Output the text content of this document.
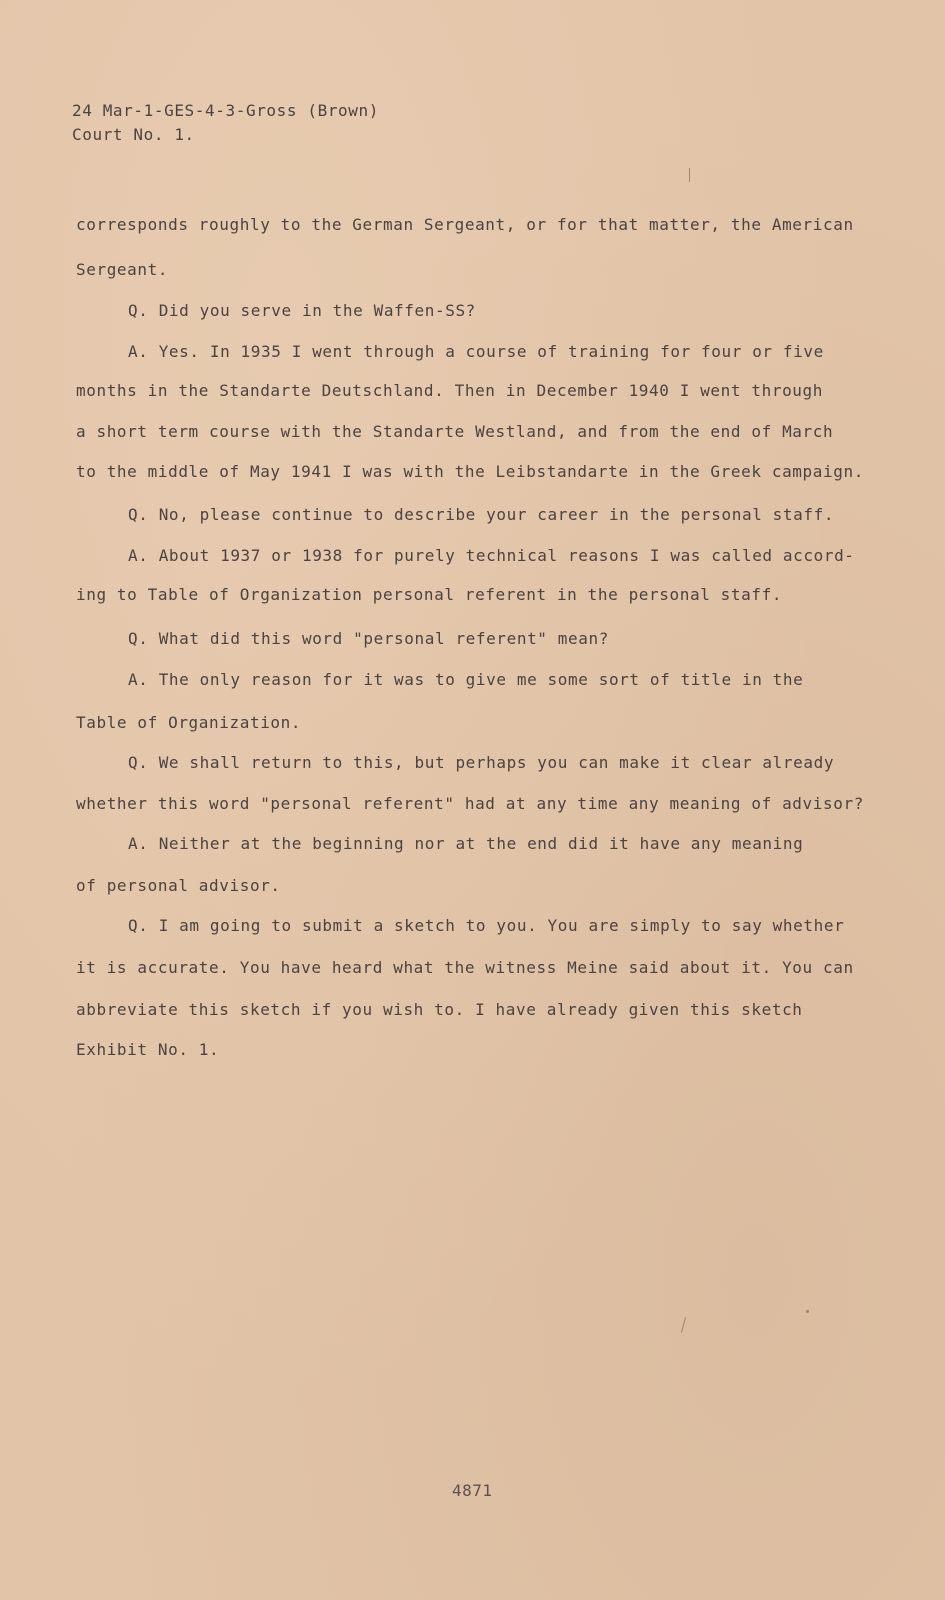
24 Mar-1-GES-4-3-Gross (Brown)
Court No. 1.
corresponds roughly to the German Sergeant, or for that matter, the American
Sergeant.
Q. Did you serve in the Waffen-SS?
A. Yes. In 1935 I went through a course of training for four or five
months in the Standarte Deutschland. Then in December 1940 I went through
a short term course with the Standarte Westland, and from the end of March
to the middle of May 1941 I was with the Leibstandarte in the Greek campaign.
Q. No, please continue to describe your career in the personal staff.
A. About 1937 or 1938 for purely technical reasons I was called accord-
ing to Table of Organization personal referent in the personal staff.
Q. What did this word "personal referent" mean?
A. The only reason for it was to give me some sort of title in the
Table of Organization.
Q. We shall return to this, but perhaps you can make it clear already
whether this word "personal referent" had at any time any meaning of advisor?
A. Neither at the beginning nor at the end did it have any meaning
of personal advisor.
Q. I am going to submit a sketch to you. You are simply to say whether
it is accurate. You have heard what the witness Meine said about it. You can
abbreviate this sketch if you wish to. I have already given this sketch
Exhibit No. 1.
4871
